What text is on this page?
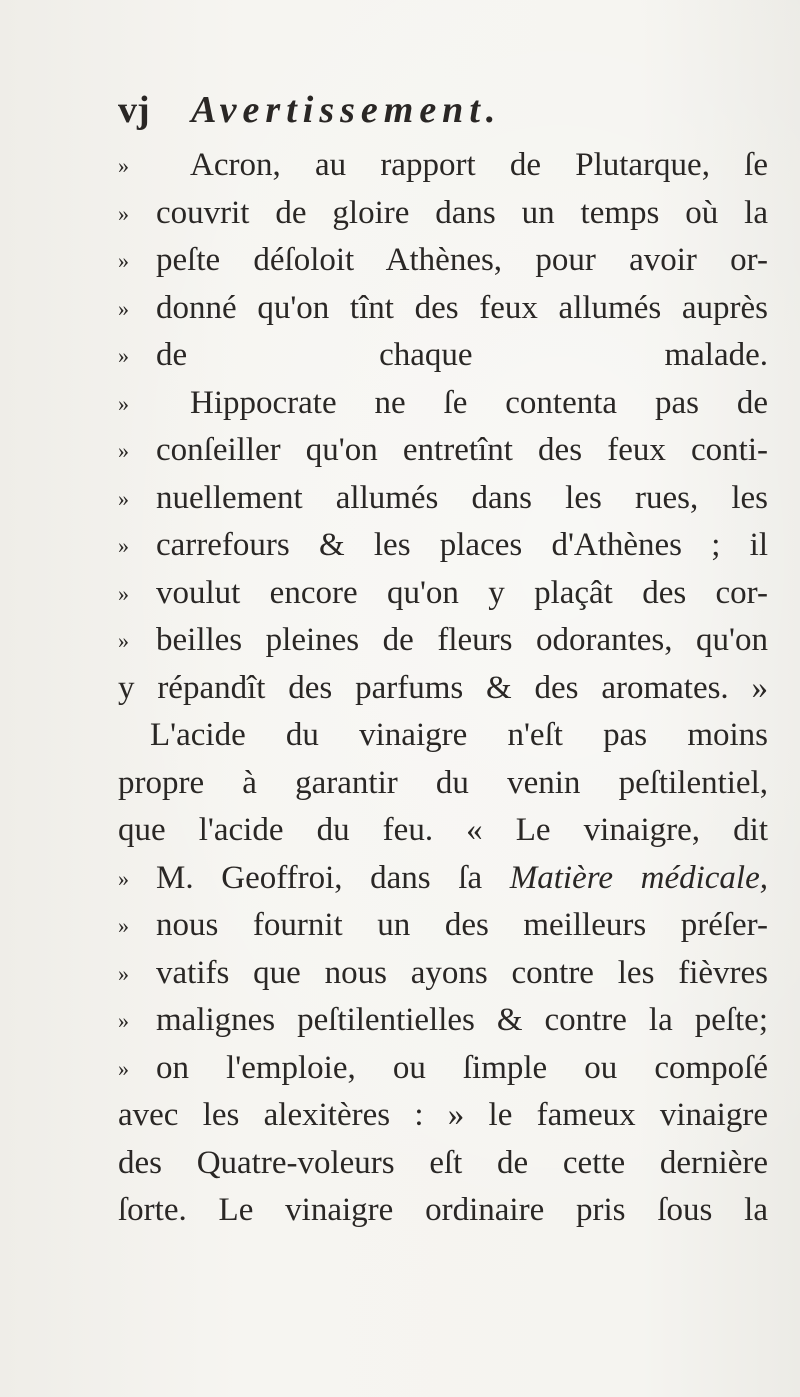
vj Avertissement.
» Acron, au rapport de Plutarque, ſe
» couvrit de gloire dans un temps où la
» peſte déſoloit Athènes, pour avoir or-
» donné qu'on tînt des feux allumés auprès
» de chaque malade.
» Hippocrate ne ſe contenta pas de
» conſeiller qu'on entretînt des feux conti-
» nuellement allumés dans les rues, les
» carrefours & les places d'Athènes ; il
» voulut encore qu'on y plaçât des cor-
» beilles pleines de fleurs odorantes, qu'on
y répandît des parfums & des aromates. »
L'acide du vinaigre n'eſt pas moins
propre à garantir du venin peſtilentiel,
que l'acide du feu. « Le vinaigre, dit
» M. Geoffroi, dans ſa Matière médicale,
» nous fournit un des meilleurs préſer-
» vatifs que nous ayons contre les fièvres
» malignes peſtilentielles & contre la peſte;
» on l'emploie, ou ſimple ou compoſé
avec les alexitères : » le fameux vinaigre
des Quatre-voleurs eſt de cette dernière
ſorte. Le vinaigre ordinaire pris ſous la
